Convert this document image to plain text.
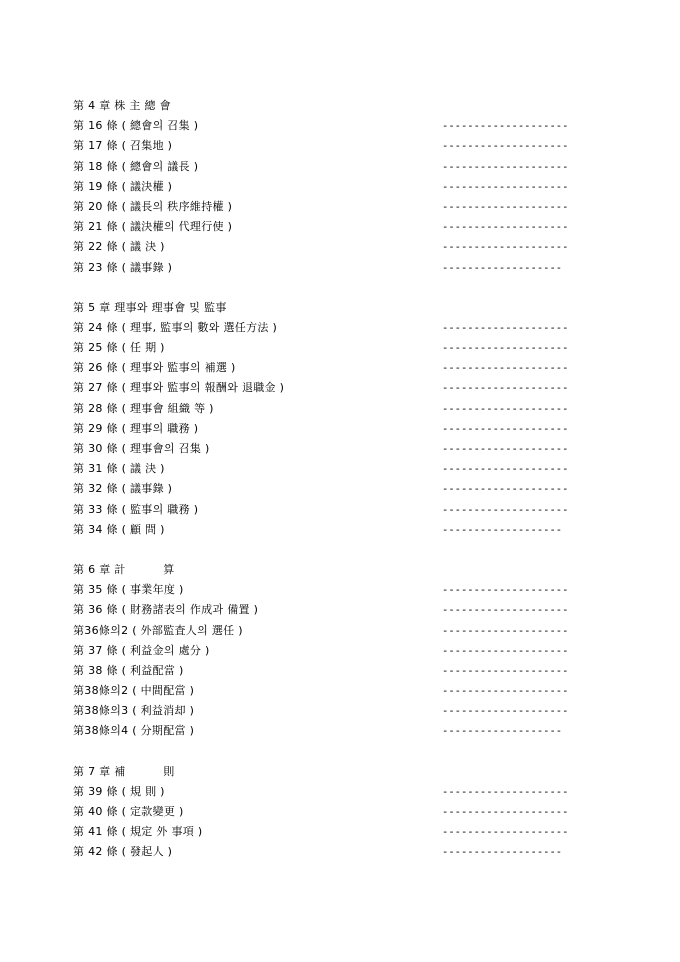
第 4 章 株 主 總 會
第 16 條 ( 總會의 召集 )	--------------------
第 17 條 ( 召集地 )	--------------------
第 18 條 ( 總會의 議長 )	--------------------
第 19 條 ( 議決權 )	--------------------
第 20 條 ( 議長의 秩序維持權 )	--------------------
第 21 條 ( 議決權의 代理行使 )	--------------------
第 22 條 ( 議 決 )	--------------------
第 23 條 ( 議事錄 )	-------------------
第 5 章 理事와 理事會 및 監事
第 24 條 ( 理事, 監事의 數와 選任方法 )	--------------------
第 25 條 ( 任 期 )	--------------------
第 26 條 ( 理事와 監事의 補選 )	--------------------
第 27 條 ( 理事와 監事의 報酬와 退職金 )	--------------------
第 28 條 ( 理事會 組織 等 )	--------------------
第 29 條 ( 理事의 職務 )	--------------------
第 30 條 ( 理事會의 召集 )	--------------------
第 31 條 ( 議 決 )	--------------------
第 32 條 ( 議事錄 )	--------------------
第 33 條 ( 監事의 職務 )	--------------------
第 34 條 ( 顧 問 )	-------------------
第 6 章 計 　　　算
第 35 條 ( 事業年度 )	--------------------
第 36 條 ( 財務諸表의 作成과 備置 )	--------------------
第36條의2 ( 外部監査人의 選任 )	--------------------
第 37 條 ( 利益金의 處分 )	--------------------
第 38 條 ( 利益配當 )	--------------------
第38條의2 ( 中間配當 )	--------------------
第38條의3 ( 利益消却 )	--------------------
第38條의4 ( 分期配當 )	-------------------
第 7 章 補 　　　則
第 39 條 ( 規 則 )	--------------------
第 40 條 ( 定款變更 )	--------------------
第 41 條 ( 規定 外 事項 )	--------------------
第 42 條 ( 發起人 )	-------------------
